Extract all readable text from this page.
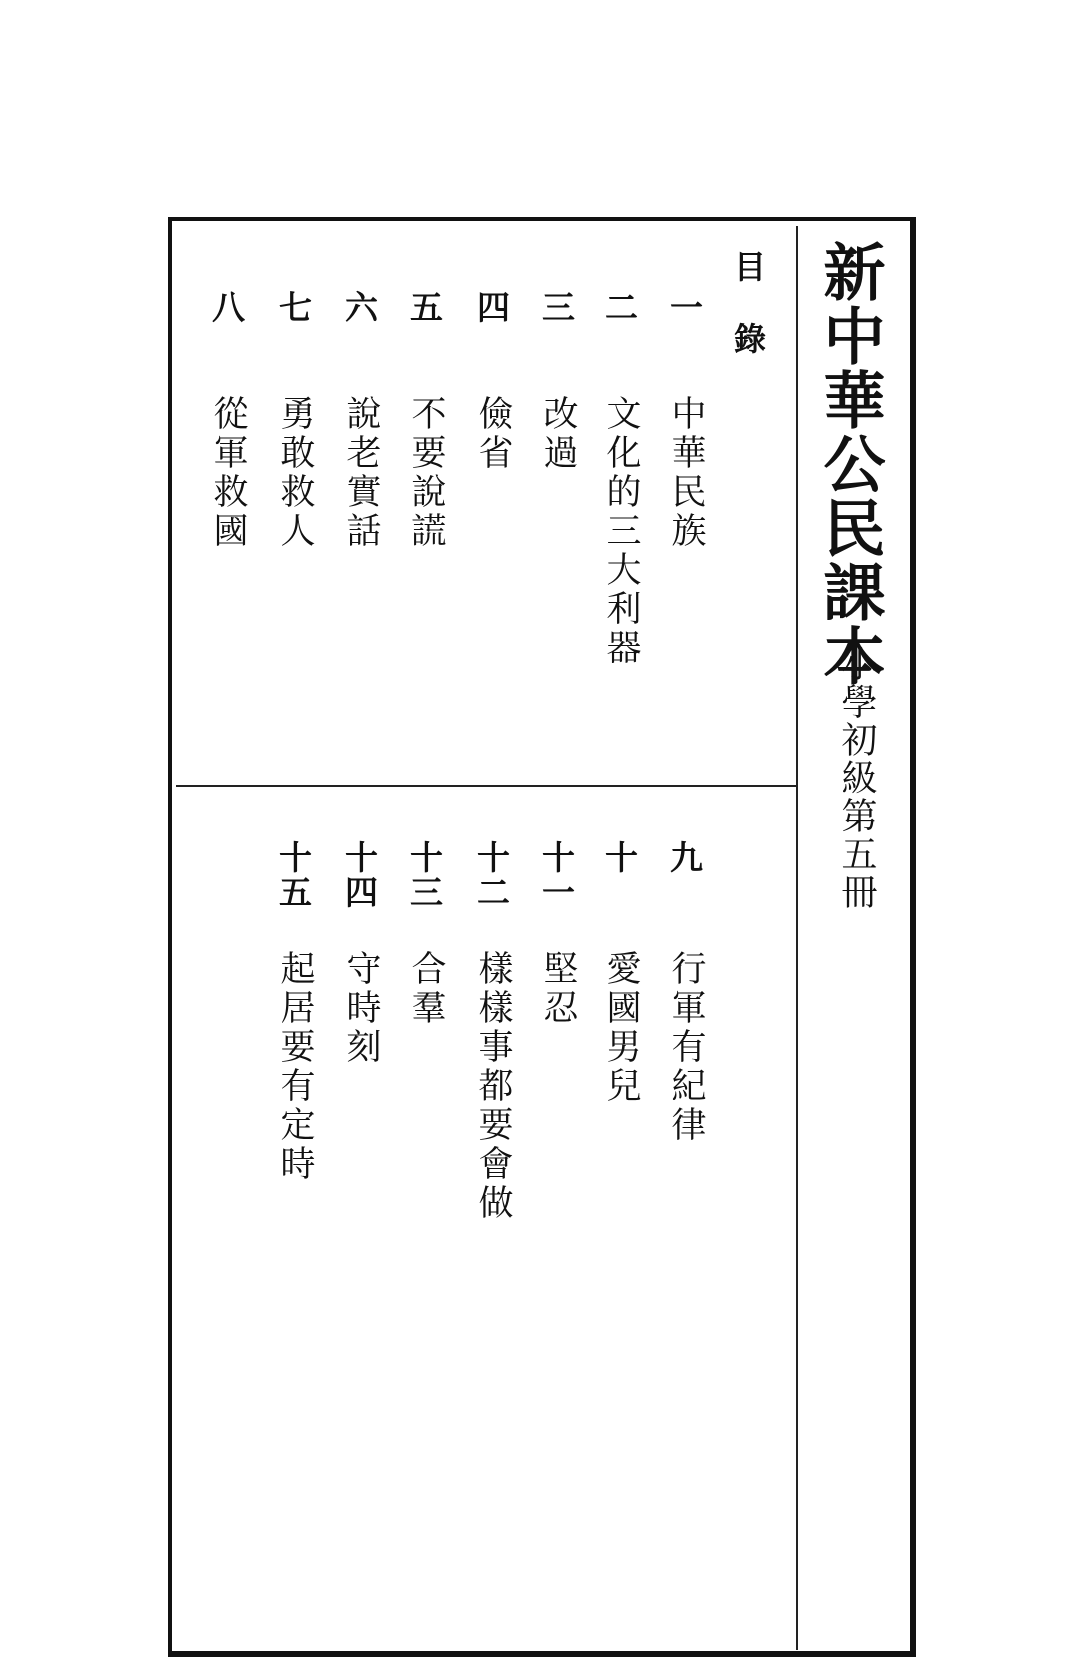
新中華公民課本
小學初級第五冊
目錄
一
中華民族
二
文化的三大利器
三
改過
四
儉省
五
不要說謊
六
說老實話
七
勇敢救人
八
從軍救國
九
行軍有紀律
十
愛國男兒
十一
堅忍
十二
樣樣事都要會做
十三
合羣
十四
守時刻
十五
起居要有定時
